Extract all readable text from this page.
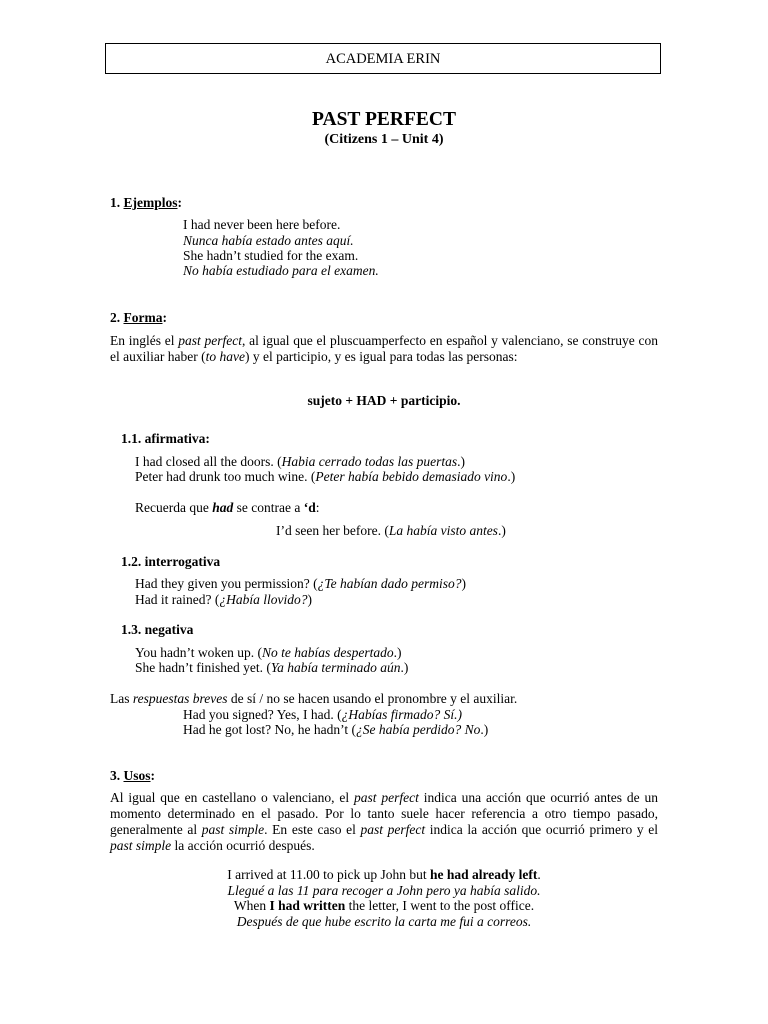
ACADEMIA ERIN
PAST PERFECT
(Citizens 1 – Unit 4)
1. Ejemplos:
I had never been here before.
Nunca había estado antes aquí.
She hadn’t studied for the exam.
No había estudiado para el examen.
2. Forma:
En inglés el past perfect, al igual que el pluscuamperfecto en español y valenciano, se construye con el auxiliar haber (to have) y el participio, y es igual para todas las personas:
sujeto + HAD + participio.
1.1. afirmativa:
I had closed all the doors. (Habia cerrado todas las puertas.)
Peter had drunk too much wine. (Peter había bebido demasiado vino.)
Recuerda que had se contrae a ‘d:
I’d seen her before. (La había visto antes.)
1.2. interrogativa
Had they given you permission? (¿Te habían dado permiso?)
Had it rained? (¿Había llovido?)
1.3. negativa
You hadn’t woken up. (No te habías despertado.)
She hadn’t finished yet. (Ya había terminado aún.)
Las respuestas breves de sí / no se hacen usando el pronombre y el auxiliar.
Had you signed? Yes, I had. (¿Habías firmado? Sí.)
Had he got lost? No, he hadn’t (¿Se había perdido? No.)
3. Usos:
Al igual que en castellano o valenciano, el past perfect indica una acción que ocurrió antes de un momento determinado en el pasado. Por lo tanto suele hacer referencia a otro tiempo pasado, generalmente al past simple. En este caso el past perfect indica la acción que ocurrió primero y el past simple la acción ocurrió después.
I arrived at 11.00 to pick up John but he had already left.
Llegué a las 11 para recoger a John pero ya había salido.
When I had written the letter, I went to the post office.
Después de que hube escrito la carta me fui a correos.
